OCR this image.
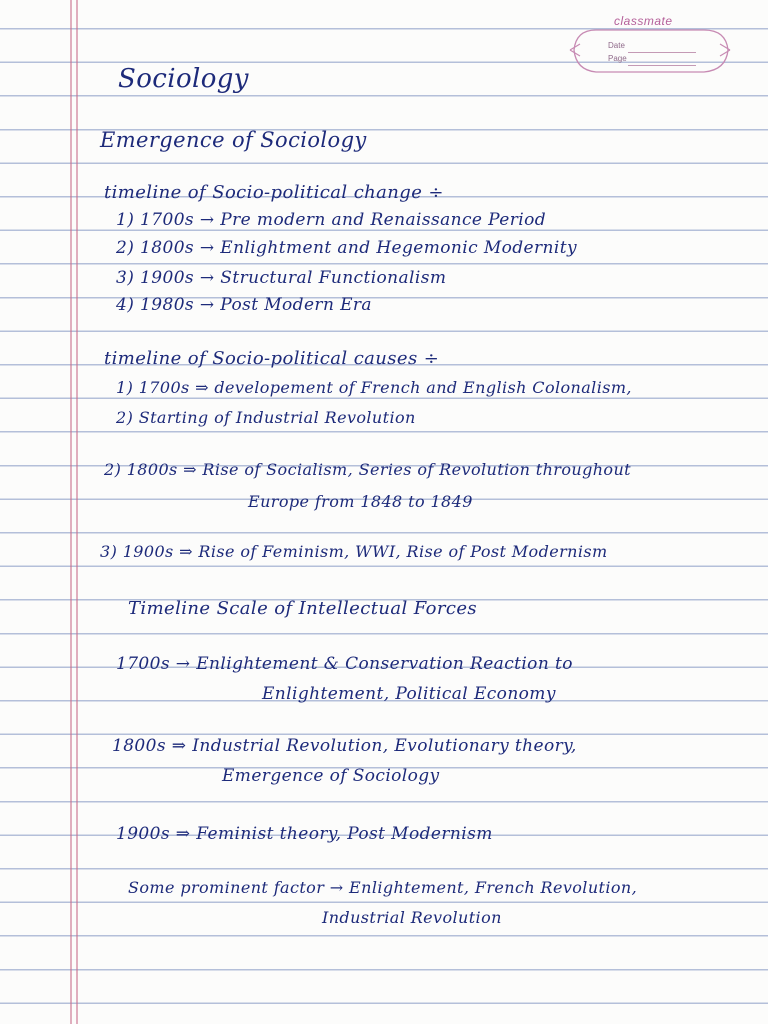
classmate
Date
Page
Sociology
Emergence of Sociology
timeline of Socio-political change ÷
1) 1700s → Pre modern and Renaissance Period
2) 1800s → Enlightment and Hegemonic Modernity
3) 1900s → Structural Functionalism
4) 1980s → Post Modern Era
timeline of Socio-political causes ÷
1) 1700s ⇒ developement of French and English Colonalism,
2) Starting of Industrial Revolution
2) 1800s ⇒ Rise of Socialism, Series of Revolution throughout
Europe from 1848 to 1849
3) 1900s ⇒ Rise of Feminism, WWI, Rise of Post Modernism
Timeline Scale of Intellectual Forces
1700s → Enlightement & Conservation Reaction to
Enlightement, Political Economy
1800s ⇒ Industrial Revolution, Evolutionary theory,
Emergence of Sociology
1900s ⇒ Feminist theory, Post Modernism
Some prominent factor → Enlightement, French Revolution,
Industrial Revolution
